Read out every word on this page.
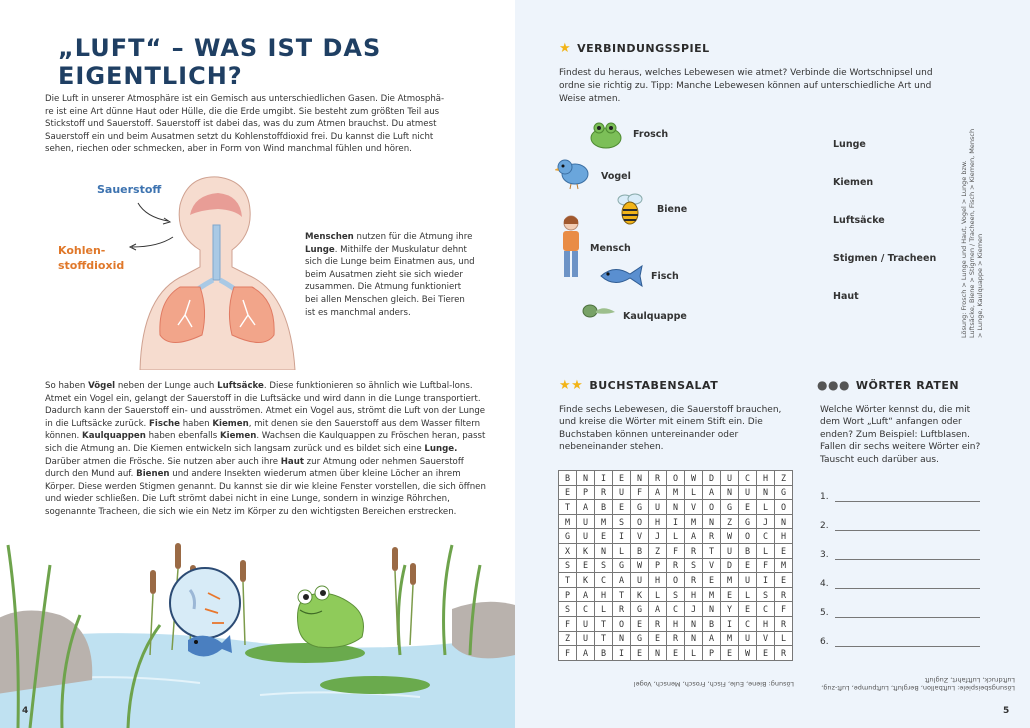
„LUFT“ – WAS IST DAS EIGENTLICH?
Die Luft in unserer Atmosphäre ist ein Gemisch aus unterschiedlichen Gasen. Die Atmosphä-
re ist eine Art dünne Haut oder Hülle, die die Erde umgibt. Sie besteht zum größten Teil aus
Stickstoff und Sauerstoff. Sauerstoff ist dabei das, was du zum Atmen brauchst. Du atmest
Sauerstoff ein und beim Ausatmen setzt du Kohlenstoffdioxid frei. Du kannst die Luft nicht
sehen, riechen oder schmecken, aber in Form von Wind manchmal fühlen und hören.
Sauerstoff
Kohlen-
stoffdioxid
Menschen nutzen für die Atmung ihre Lunge. Mithilfe der Muskulatur dehnt sich die Lunge beim Einatmen aus, und beim Ausatmen zieht sie sich wieder zusammen. Die Atmung funktioniert bei allen Menschen gleich. Bei Tieren ist es manchmal anders.
So haben Vögel neben der Lunge auch Luftsäcke. Diese funktionieren so ähnlich wie Luftbal-lons. Atmet ein Vogel ein, gelangt der Sauerstoff in die Luftsäcke und wird dann in die Lunge transportiert. Dadurch kann der Sauerstoff ein- und ausströmen. Atmet ein Vogel aus, strömt die Luft von der Lunge in die Luftsäcke zurück. Fische haben Kiemen, mit denen sie den Sauerstoff aus dem Wasser filtern können. Kaulquappen haben ebenfalls Kiemen. Wachsen die Kaulquappen zu Fröschen heran, passt sich die Atmung an. Die Kiemen entwickeln sich langsam zurück und es bildet sich eine Lunge. Darüber atmen die Frösche. Sie nutzen aber auch ihre Haut zur Atmung oder nehmen Sauerstoff durch den Mund auf. Bienen und andere Insekten wiederum atmen über kleine Löcher an ihrem Körper. Diese werden Stigmen genannt. Du kannst sie dir wie kleine Fenster vorstellen, die sich öffnen und wieder schließen. Die Luft strömt dabei nicht in eine Lunge, sondern in winzige Röhrchen, sogenannte Tracheen, die sich wie ein Netz im Körper zu den wichtigsten Bereichen erstrecken.
4
★ VERBINDUNGSSPIEL
Findest du heraus, welches Lebewesen wie atmet? Verbinde die Wortschnipsel und ordne sie richtig zu. Tipp: Manche Lebewesen können auf unterschiedliche Art und Weise atmen.
Frosch
Vogel
Biene
Mensch
Fisch
Kaulquappe
Lunge
Kiemen
Luftsäcke
Stigmen / Tracheen
Haut
★★ BUCHSTABENSALAT
Finde sechs Lebewesen, die Sauerstoff brauchen, und kreise die Wörter mit einem Stift ein. Die Buchstaben können untereinander oder nebeneinander stehen.
●●● WÖRTER RATEN
Welche Wörter kennst du, die mit dem Wort „Luft“ anfangen oder enden? Zum Beispiel: Luftblasen. Fallen dir sechs weitere Wörter ein? Tauscht euch darüber aus.
Lösung: Biene, Eule, Fisch, Frosch, Mensch, Vogel	Lösungsbeispiele: Luftballon, Bergluft, Luftpumpe, Luft-zug, Luftdruck, Luftfahrt, Zugluft
5
Lösung: Frosch > Lunge und Haut, Vogel > Lunge bzw. Luftsäcke, Biene > Stigmen / Tracheen, Fisch > Kiemen, Mensch > Lunge, Kaulquappe > Kiemen
B	N	I	E	N	R	O	W	D	U	C	H	Z
E	P	R	U	F	A	M	L	A	N	U	N	G
T	A	B	E	G	U	N	V	O	G	E	L	O
M	U	M	S	O	H	I	M	N	Z	G	J	N
G	U	E	I	V	J	L	A	R	W	O	C	H
X	K	N	L	B	Z	F	R	T	U	B	L	E
S	E	S	G	W	P	R	S	V	D	E	F	M
T	K	C	A	U	H	O	R	E	M	U	I	E
P	A	H	T	K	L	S	H	M	E	L	S	R
S	C	L	R	G	A	C	J	N	Y	E	C	F
F	U	T	O	E	R	H	N	B	I	C	H	R
Z	U	T	N	G	E	R	N	A	M	U	V	L
F	A	B	I	E	N	E	L	P	E	W	E	R
1.
2.
3.
4.
5.
6.
